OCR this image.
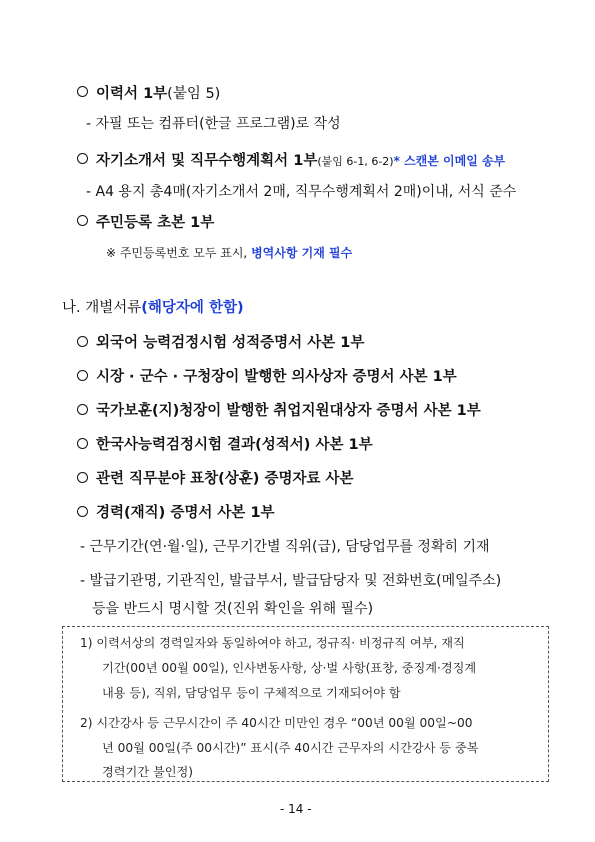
이력서 1부(붙임 5)
- 자필 또는 컴퓨터(한글 프로그램)로 작성
자기소개서 및 직무수행계획서 1부(붙임 6-1, 6-2)* 스캔본 이메일 송부
- A4 용지 총4매(자기소개서 2매, 직무수행계획서 2매)이내, 서식 준수
주민등록 초본 1부
※ 주민등록번호 모두 표시, 병역사항 기재 필수
나. 개별서류(해당자에 한함)
외국어 능력검정시험 성적증명서 사본 1부
시장 · 군수 · 구청장이 발행한 의사상자 증명서 사본 1부
국가보훈(지)청장이 발행한 취업지원대상자 증명서 사본 1부
한국사능력검정시험 결과(성적서) 사본 1부
관련 직무분야 표창(상훈) 증명자료 사본
경력(재직) 증명서 사본 1부
- 근무기간(연·월·일), 근무기간별 직위(급), 담당업무를 정확히 기재
- 발급기관명, 기관직인, 발급부서, 발급담당자 및 전화번호(메일주소)
등을 반드시 명시할 것(진위 확인을 위해 필수)
1) 이력서상의 경력일자와 동일하여야 하고, 정규직· 비정규직 여부, 재직
기간(00년 00월 00일), 인사변동사항, 상·벌 사항(표창, 중징계·경징계
내용 등), 직위, 담당업무 등이 구체적으로 기재되어야 함
2) 시간강사 등 근무시간이 주 40시간 미만인 경우 “00년 00월 00일~00
년 00월 00일(주 00시간)” 표시(주 40시간 근무자의 시간강사 등 중복
경력기간 불인정)
- 14 -
